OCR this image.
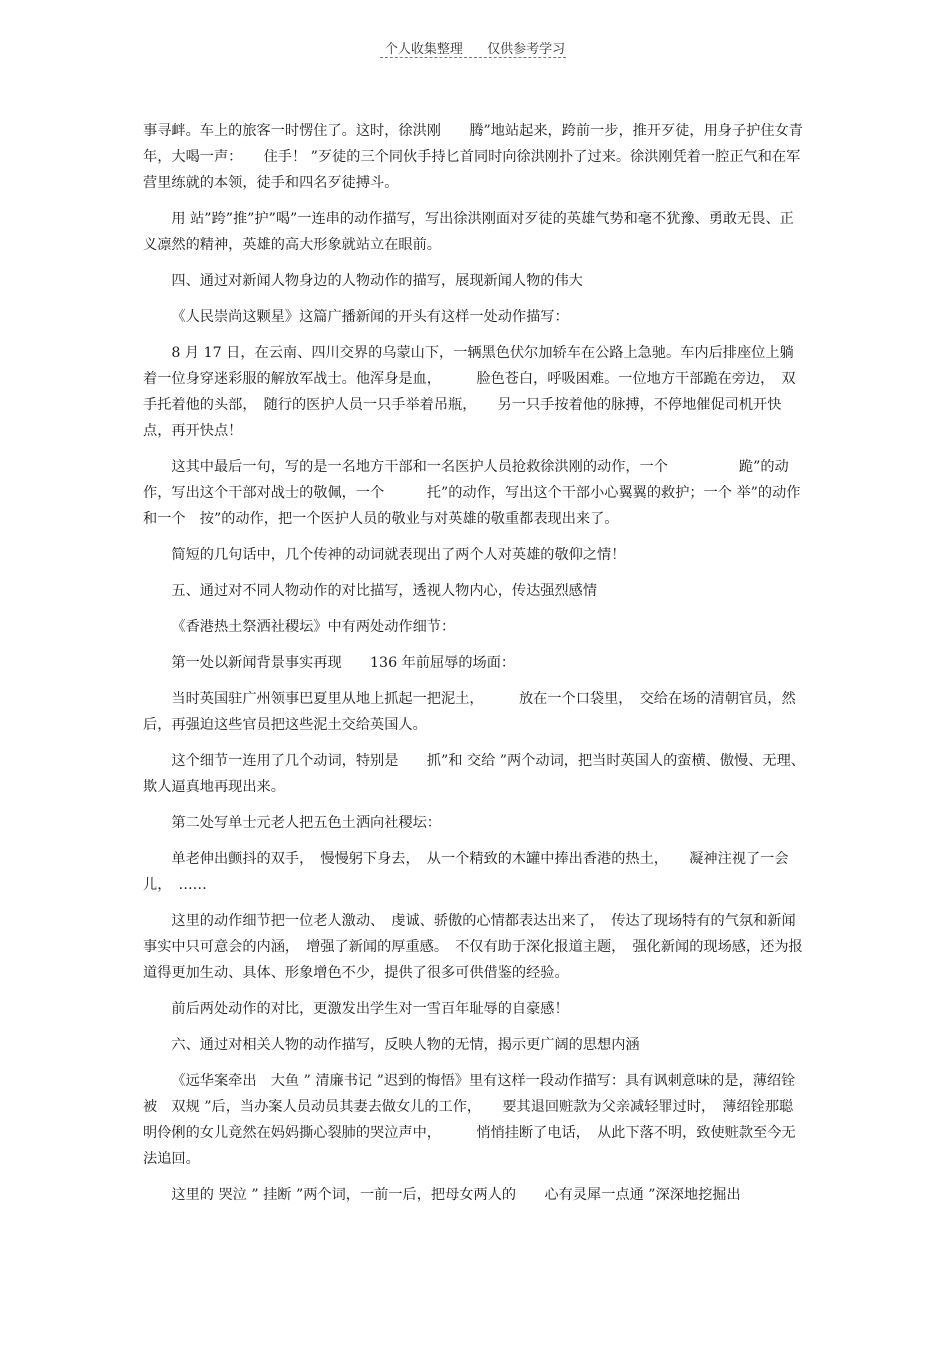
个人收集整理 仅供参考学习

事寻衅。车上的旅客一时愣住了。这时，徐洪刚　　腾”地站起来，跨前一步，推开歹徒，用身子护住女青年，大喝一声：　　住手！ ”歹徒的三个同伙手持匕首同时向徐洪刚扑了过来。徐洪刚凭着一腔正气和在军营里练就的本领，徒手和四名歹徒搏斗。

用 站”跨”推”护”喝”一连串的动作描写，写出徐洪刚面对歹徒的英雄气势和毫不犹豫、勇敢无畏、正义凛然的精神，英雄的高大形象就站立在眼前。

四、通过对新闻人物身边的人物动作的描写，展现新闻人物的伟大

《人民崇尚这颗星》这篇广播新闻的开头有这样一处动作描写：

8 月 17 日，在云南、四川交界的乌蒙山下，一辆黑色伏尔加轿车在公路上急驰。车内后排座位上躺着一位身穿迷彩服的解放军战士。他浑身是血，　　　脸色苍白，呼吸困难。一位地方干部跪在旁边，　双手托着他的头部，　随行的医护人员一只手举着吊瓶，　　另一只手按着他的脉搏，不停地催促司机开快点，再开快点！

这其中最后一句，写的是一名地方干部和一名医护人员抢救徐洪刚的动作，一个　　　　　跪”的动作，写出这个干部对战士的敬佩，一个　　　托”的动作，写出这个干部小心翼翼的救护；一个 举”的动作和一个　按”的动作，把一个医护人员的敬业与对英雄的敬重都表现出来了。

简短的几句话中，几个传神的动词就表现出了两个人对英雄的敬仰之情！

五、通过对不同人物动作的对比描写，透视人物内心，传达强烈感情

《香港热土祭洒社稷坛》中有两处动作细节：

第一处以新闻背景事实再现　　136 年前屈辱的场面：

当时英国驻广州领事巴夏里从地上抓起一把泥土，　　　放在一个口袋里，　交给在场的清朝官员，然后，再强迫这些官员把这些泥土交给英国人。

这个细节一连用了几个动词，特别是　　抓”和 交给 ”两个动词，把当时英国人的蛮横、傲慢、无理、欺人逼真地再现出来。

第二处写单士元老人把五色土洒向社稷坛：

单老伸出颤抖的双手，　慢慢躬下身去，　从一个精致的木罐中捧出香港的热土，　　凝神注视了一会儿，　……

这里的动作细节把一位老人激动、　虔诚、骄傲的心情都表达出来了，　传达了现场特有的气氛和新闻事实中只可意会的内涵，　增强了新闻的厚重感。　不仅有助于深化报道主题，　强化新闻的现场感，还为报道得更加生动、具体、形象增色不少，提供了很多可供借鉴的经验。

前后两处动作的对比，更激发出学生对一雪百年耻辱的自豪感！

六、通过对相关人物的动作描写，反映人物的无情，揭示更广阔的思想内涵

《远华案牵出　大鱼 ” 清廉书记 ”迟到的悔悟》里有这样一段动作描写：具有讽刺意味的是，薄绍铨被　双规 ”后，当办案人员动员其妻去做女儿的工作，　　要其退回赃款为父亲减轻罪过时，　薄绍铨那聪明伶俐的女儿竟然在妈妈撕心裂肺的哭泣声中，　　　悄悄挂断了电话，　从此下落不明，致使赃款至今无法追回。

这里的 哭泣 ” 挂断 ”两个词，一前一后，把母女两人的　　心有灵犀一点通 ”深深地挖掘出
